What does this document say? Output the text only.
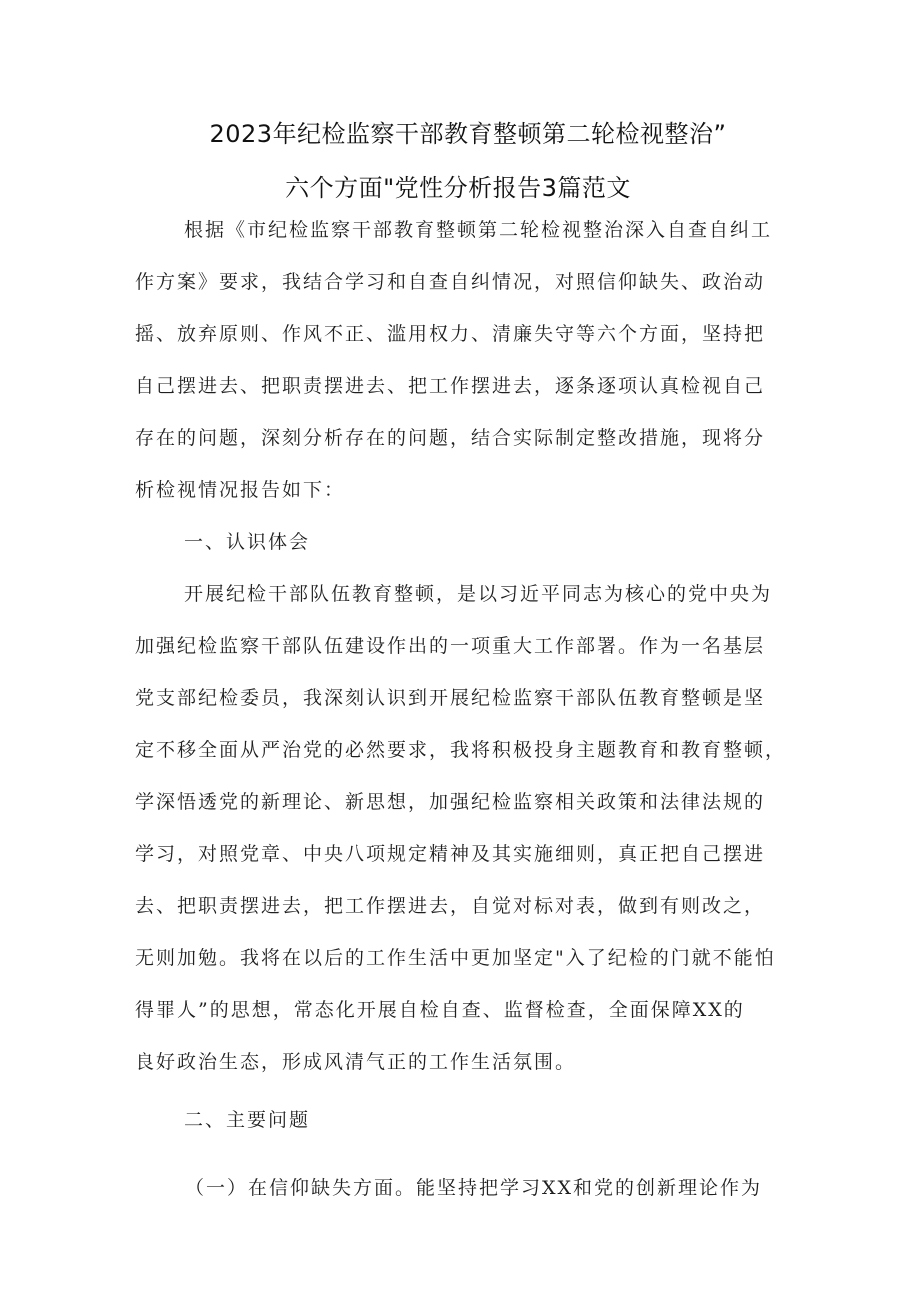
2023年纪检监察干部教育整顿第二轮检视整治”
六个方面"党性分析报告3篇范文
根据《市纪检监察干部教育整顿第二轮检视整治深入自查自纠工
作方案》要求，我结合学习和自查自纠情况，对照信仰缺失、政治动
摇、放弃原则、作风不正、滥用权力、清廉失守等六个方面，坚持把
自己摆进去、把职责摆进去、把工作摆进去，逐条逐项认真检视自己
存在的问题，深刻分析存在的问题，结合实际制定整改措施，现将分
析检视情况报告如下：
一、认识体会
开展纪检干部队伍教育整顿，是以习近平同志为核心的党中央为
加强纪检监察干部队伍建设作出的一项重大工作部署。作为一名基层
党支部纪检委员，我深刻认识到开展纪检监察干部队伍教育整顿是坚
定不移全面从严治党的必然要求，我将积极投身主题教育和教育整顿，
学深悟透党的新理论、新思想，加强纪检监察相关政策和法律法规的
学习，对照党章、中央八项规定精神及其实施细则，真正把自己摆进
去、把职责摆进去，把工作摆进去，自觉对标对表，做到有则改之，
无则加勉。我将在以后的工作生活中更加坚定"入了纪检的门就不能怕
得罪人”的思想，常态化开展自检自查、监督检查，全面保障XX的
良好政治生态，形成风清气正的工作生活氛围。
二、主要问题
（一）在信仰缺失方面。能坚持把学习XX和党的创新理论作为
